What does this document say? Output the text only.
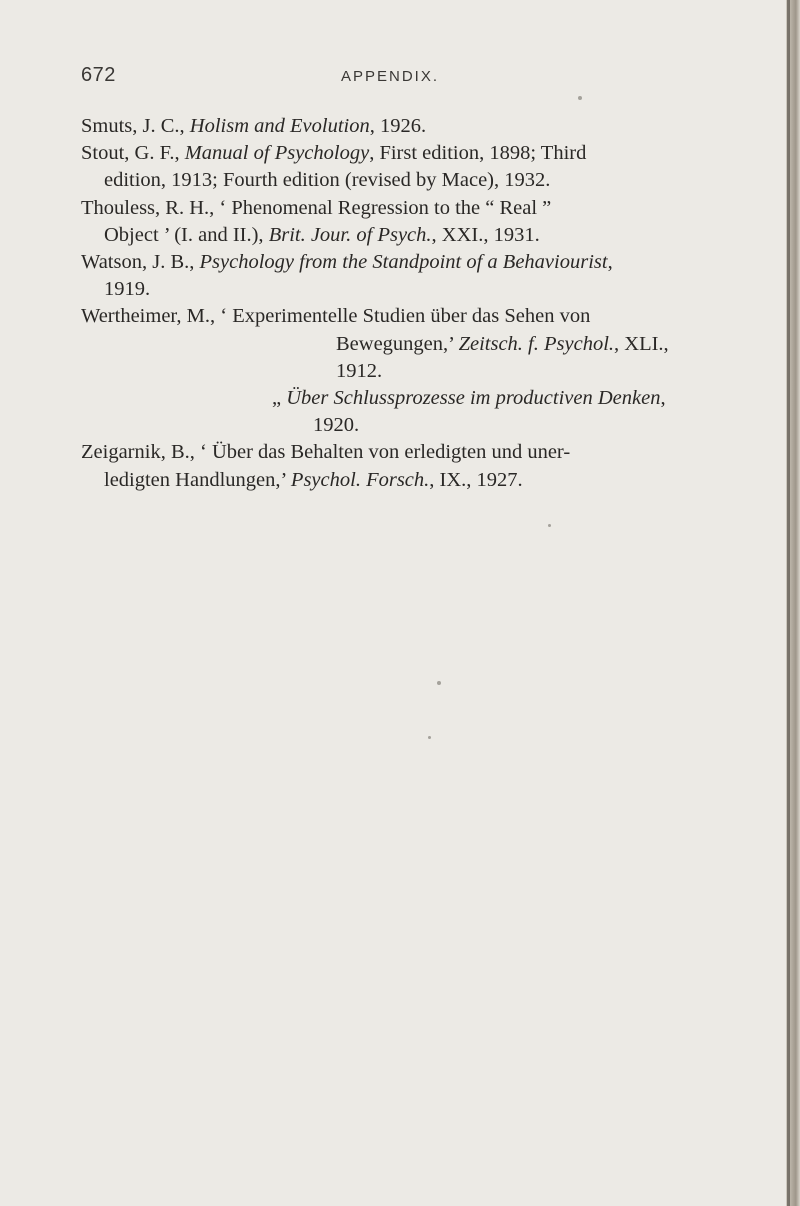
672	APPENDIX.

Smuts, J. C., Holism and Evolution, 1926.

Stout, G. F., Manual of Psychology, First edition, 1898; Third
edition, 1913; Fourth edition (revised by Mace), 1932.

Thouless, R. H., ‘ Phenomenal Regression to the “ Real ”
Object ’ (I. and II.), Brit. Jour. of Psych., XXI., 1931.

Watson, J. B., Psychology from the Standpoint of a Behaviourist,
1919.

Wertheimer, M., ‘ Experimentelle Studien über das Sehen von
Bewegungen,’ Zeitsch. f. Psychol., XLI.,
1912.

„ Über Schlussprozesse im productiven Denken,
1920.

Zeigarnik, B., ‘ Über das Behalten von erledigten und uner-
ledigten Handlungen,’ Psychol. Forsch., IX., 1927.
